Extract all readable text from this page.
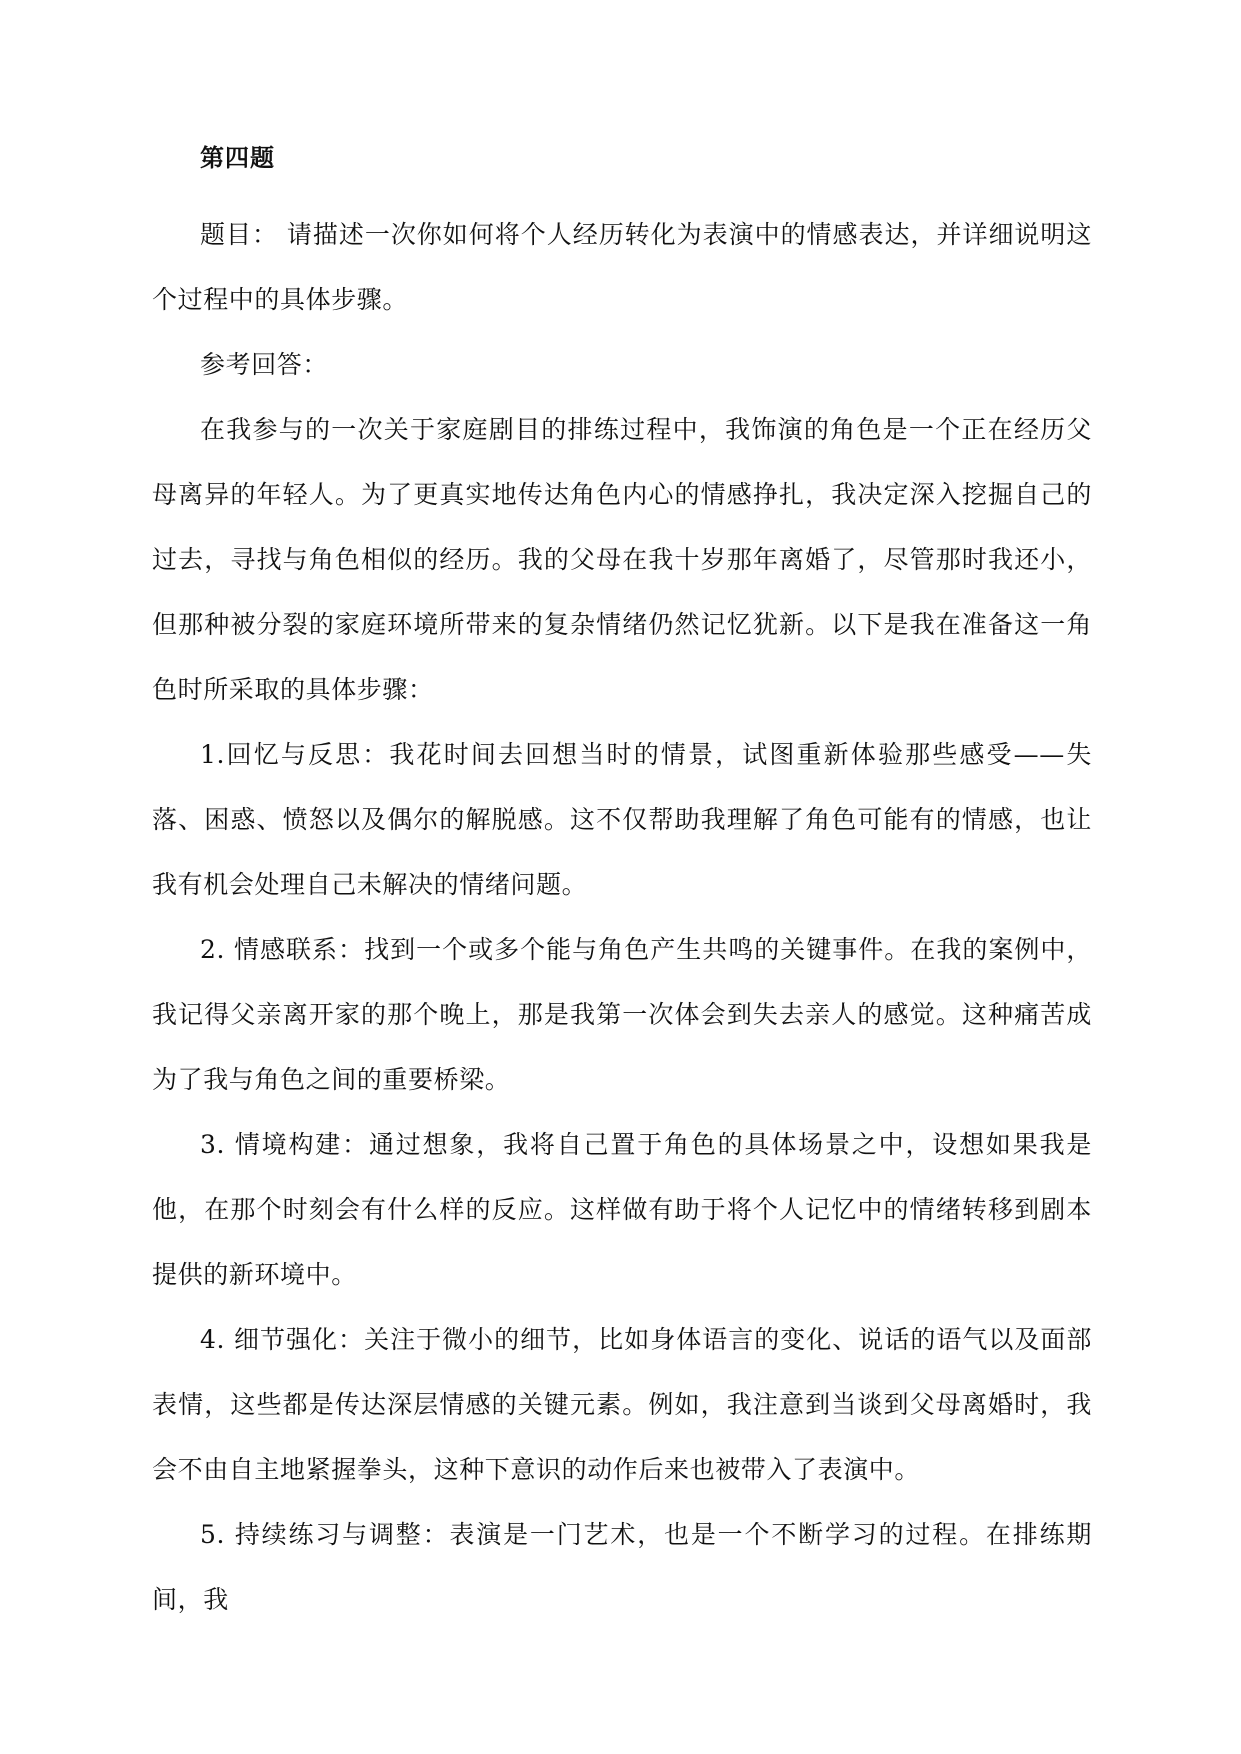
第四题

题目： 请描述一次你如何将个人经历转化为表演中的情感表达，并详细说明这个过程中的具体步骤。

参考回答：

在我参与的一次关于家庭剧目的排练过程中，我饰演的角色是一个正在经历父母离异的年轻人。为了更真实地传达角色内心的情感挣扎，我决定深入挖掘自己的过去，寻找与角色相似的经历。我的父母在我十岁那年离婚了，尽管那时我还小，但那种被分裂的家庭环境所带来的复杂情绪仍然记忆犹新。以下是我在准备这一角色时所采取的具体步骤：

1.回忆与反思：我花时间去回想当时的情景，试图重新体验那些感受——失落、困惑、愤怒以及偶尔的解脱感。这不仅帮助我理解了角色可能有的情感，也让我有机会处理自己未解决的情绪问题。

2. 情感联系：找到一个或多个能与角色产生共鸣的关键事件。在我的案例中，我记得父亲离开家的那个晚上，那是我第一次体会到失去亲人的感觉。这种痛苦成为了我与角色之间的重要桥梁。

3. 情境构建：通过想象，我将自己置于角色的具体场景之中，设想如果我是他，在那个时刻会有什么样的反应。这样做有助于将个人记忆中的情绪转移到剧本提供的新环境中。

4. 细节强化：关注于微小的细节，比如身体语言的变化、说话的语气以及面部表情，这些都是传达深层情感的关键元素。例如，我注意到当谈到父母离婚时，我会不由自主地紧握拳头，这种下意识的动作后来也被带入了表演中。

5. 持续练习与调整：表演是一门艺术，也是一个不断学习的过程。在排练期间，我
